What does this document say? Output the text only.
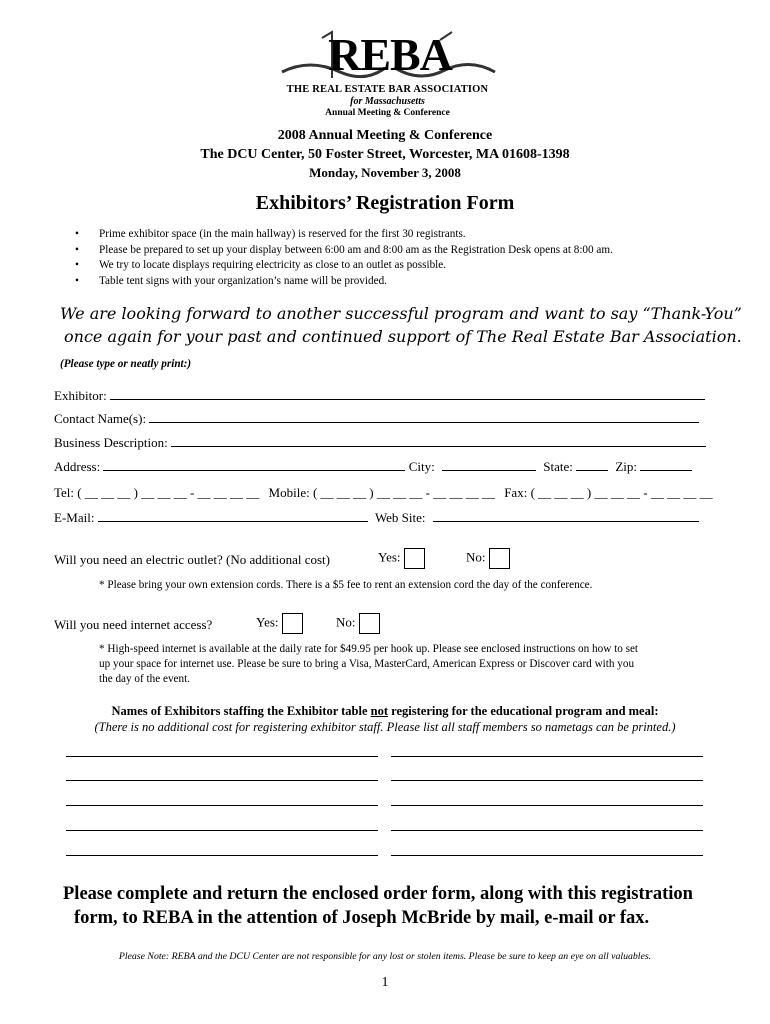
REBA
THE REAL ESTATE BAR ASSOCIATION
for Massachusetts
Annual Meeting & Conference
2008 Annual Meeting & Conference
The DCU Center, 50 Foster Street, Worcester, MA 01608-1398
Monday, November 3, 2008
Exhibitors’ Registration Form
• Prime exhibitor space (in the main hallway) is reserved for the first 30 registrants.
• Please be prepared to set up your display between 6:00 am and 8:00 am as the Registration Desk opens at 8:00 am.
• We try to locate displays requiring electricity as close to an outlet as possible.
• Table tent signs with your organization’s name will be provided.
We are looking forward to another successful program and want to say “Thank-You”
once again for your past and continued support of The Real Estate Bar Association.
(Please type or neatly print:)
Exhibitor:
Contact Name(s):
Business Description:
Address:	City:	State:	Zip:
Tel: ( __ __ __ ) __ __ __ - __ __ __ __ Mobile: ( __ __ __ ) __ __ __ - __ __ __ __ Fax: ( __ __ __ ) __ __ __ - __ __ __ __
E-Mail:	Web Site:
Will you need an electric outlet? (No additional cost)	Yes:	No:
* Please bring your own extension cords. There is a $5 fee to rent an extension cord the day of the conference.
Will you need internet access?	Yes:	No:
* High-speed internet is available at the daily rate for $49.95 per hook up. Please see enclosed instructions on how to set
up your space for internet use. Please be sure to bring a Visa, MasterCard, American Express or Discover card with you
the day of the event.
Names of Exhibitors staffing the Exhibitor table not registering for the educational program and meal:
(There is no additional cost for registering exhibitor staff. Please list all staff members so nametags can be printed.)
Please complete and return the enclosed order form, along with this registration
form, to REBA in the attention of Joseph McBride by mail, e-mail or fax.
Please Note: REBA and the DCU Center are not responsible for any lost or stolen items. Please be sure to keep an eye on all valuables.
1
